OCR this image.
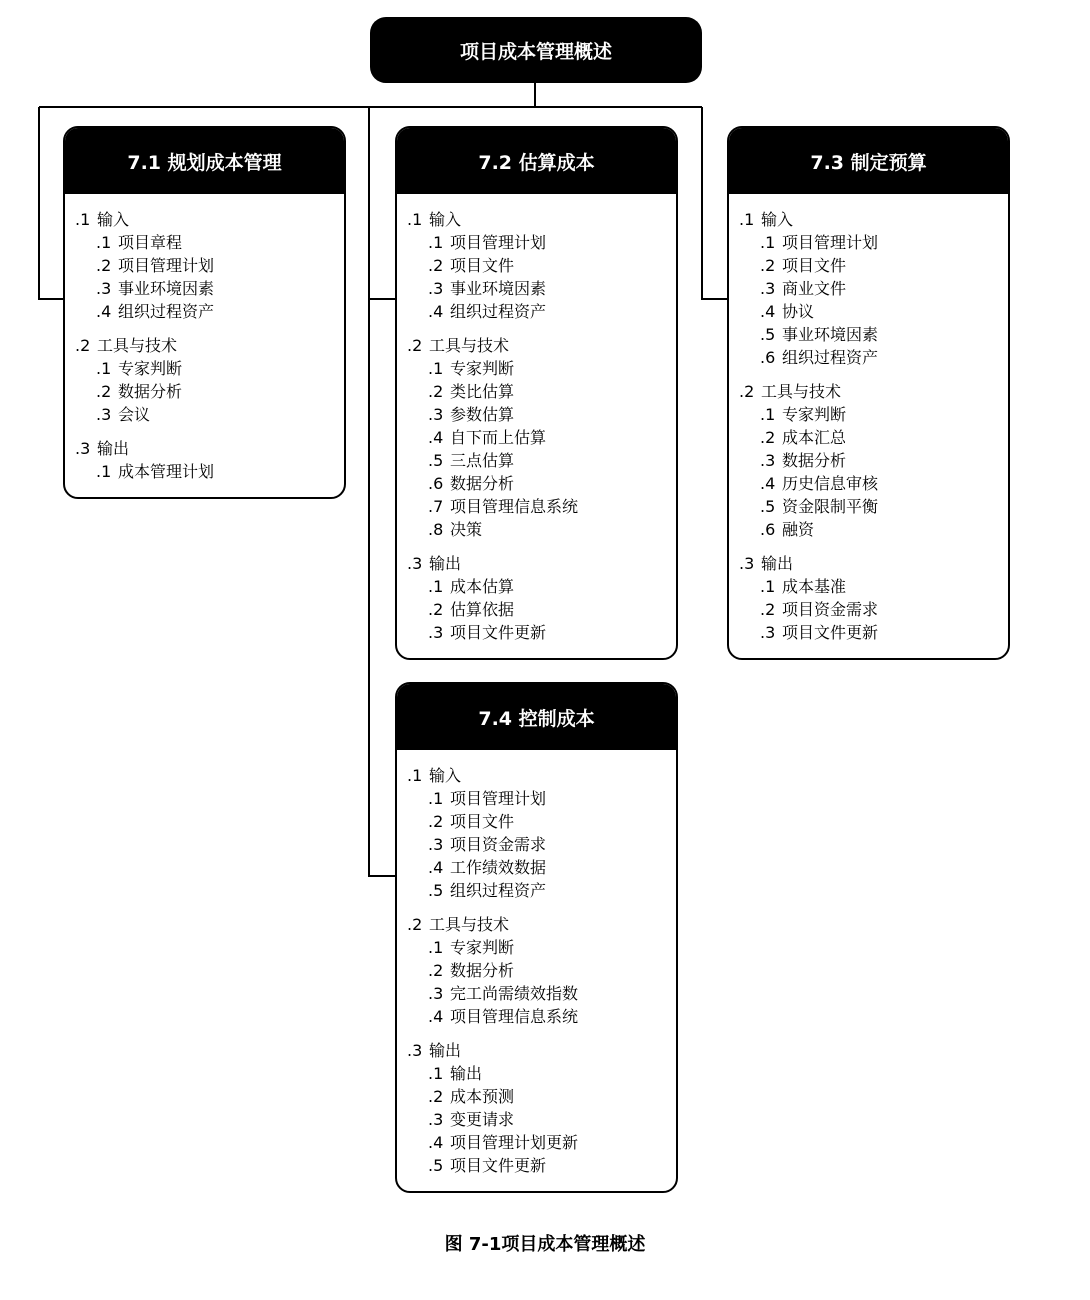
项目成本管理概述
7.1 规划成本管理
.1 输入
.1 项目章程
.2 项目管理计划
.3 事业环境因素
.4 组织过程资产
.2 工具与技术
.1 专家判断
.2 数据分析
.3 会议
.3 输出
.1 成本管理计划
7.2 估算成本
.1 输入
.1 项目管理计划
.2 项目文件
.3 事业环境因素
.4 组织过程资产
.2 工具与技术
.1 专家判断
.2 类比估算
.3 参数估算
.4 自下而上估算
.5 三点估算
.6 数据分析
.7 项目管理信息系统
.8 决策
.3 输出
.1 成本估算
.2 估算依据
.3 项目文件更新
7.3 制定预算
.1 输入
.1 项目管理计划
.2 项目文件
.3 商业文件
.4 协议
.5 事业环境因素
.6 组织过程资产
.2 工具与技术
.1 专家判断
.2 成本汇总
.3 数据分析
.4 历史信息审核
.5 资金限制平衡
.6 融资
.3 输出
.1 成本基准
.2 项目资金需求
.3 项目文件更新
7.4 控制成本
.1 输入
.1 项目管理计划
.2 项目文件
.3 项目资金需求
.4 工作绩效数据
.5 组织过程资产
.2 工具与技术
.1 专家判断
.2 数据分析
.3 完工尚需绩效指数
.4 项目管理信息系统
.3 输出
.1 输出
.2 成本预测
.3 变更请求
.4 项目管理计划更新
.5 项目文件更新
图 7-1项目成本管理概述
